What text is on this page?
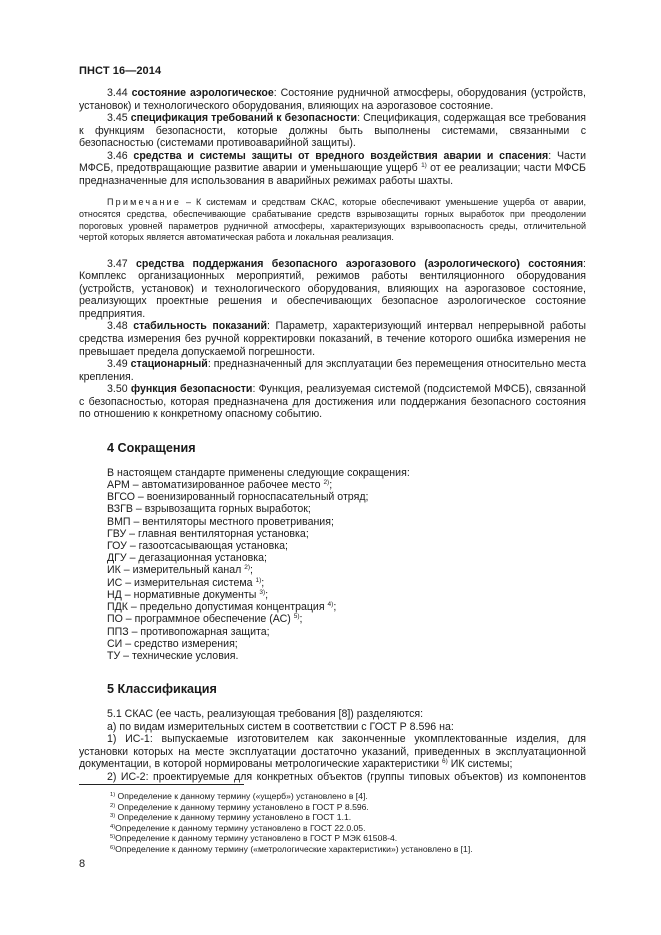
ПНСТ 16—2014

3.44 состояние аэрологическое: Состояние рудничной атмосферы, оборудования (устройств, установок) и технологического оборудования, влияющих на аэрогазовое состояние.

3.45 спецификация требований к безопасности: Спецификация, содержащая все требования к функциям безопасности, которые должны быть выполнены системами, связанными с безопасностью (системами противоаварийной защиты).

3.46 средства и системы защиты от вредного воздействия аварии и спасения: Части МФСБ, предотвращающие развитие аварии и уменьшающие ущерб $^{1)}$ от ее реализации; части МФСБ предназначенные для использования в аварийных режимах работы шахты.

Примечание – К системам и средствам СКАС, которые обеспечивают уменьшение ущерба от аварии, относятся средства, обеспечивающие срабатывание средств взрывозащиты горных выработок при преодолении пороговых уровней параметров рудничной атмосферы, характеризующих взрывоопасность среды, отличительной чертой которых является автоматическая работа и локальная реализация.

3.47 средства поддержания безопасного аэрогазового (аэрологического) состояния: Комплекс организационных мероприятий, режимов работы вентиляционного оборудования (устройств, установок) и технологического оборудования, влияющих на аэрогазовое состояние, реализующих проектные решения и обеспечивающих безопасное аэрологическое состояние предприятия.

3.48 стабильность показаний: Параметр, характеризующий интервал непрерывной работы средства измерения без ручной корректировки показаний, в течение которого ошибка измерения не превышает предела допускаемой погрешности.

3.49 стационарный: предназначенный для эксплуатации без перемещения относительно места крепления.

3.50 функция безопасности: Функция, реализуемая системой (подсистемой МФСБ), связанной с безопасностью, которая предназначена для достижения или поддержания безопасного состояния по отношению к конкретному опасному событию.

4 Сокращения
В настоящем стандарте применены следующие сокращения:
АРМ – автоматизированное рабочее место $^{2)}$;
ВГСО – военизированный горноспасательный отряд;
ВЗГВ – взрывозащита горных выработок;
ВМП – вентиляторы местного проветривания;
ГВУ – главная вентиляторная установка;
ГОУ – газоотсасывающая установка;
ДГУ – дегазационная установка;
ИК – измерительный канал $^{2)}$;
ИС – измерительная система $^{1)}$;
НД – нормативные документы $^{3)}$;
ПДК – предельно допустимая концентрация $^{4)}$;
ПО – программное обеспечение (АС) $^{5)}$;
ППЗ – противопожарная защита;
СИ – средство измерения;
ТУ – технические условия.
5 Классификация

5.1 СКАС (ее часть, реализующая требования [8]) разделяются:

а) по видам измерительных систем в соответствии с ГОСТ Р 8.596 на:

1) ИС-1: выпускаемые изготовителем как законченные укомплектованные изделия, для установки которых на месте эксплуатации достаточно указаний, приведенных в эксплуатационной документации, в которой нормированы метрологические характеристики $^{6)}$ ИК системы;

2) ИС-2: проектируемые для конкретных объектов (группы типовых объектов) из компонентов

$^{1)}$ Определение к данному термину («ущерб») установлено в [4].
$^{2)}$ Определение к данному термину установлено в ГОСТ Р 8.596.
$^{3)}$ Определение к данному термину установлено в ГОСТ 1.1.
$^{4)}$Определение к данному термину установлено в ГОСТ 22.0.05.
$^{5)}$Определение к данному термину установлено в ГОСТ Р МЭК 61508-4.
$^{6)}$Определение к данному термину («метрологические характеристики») установлено в [1].
8
